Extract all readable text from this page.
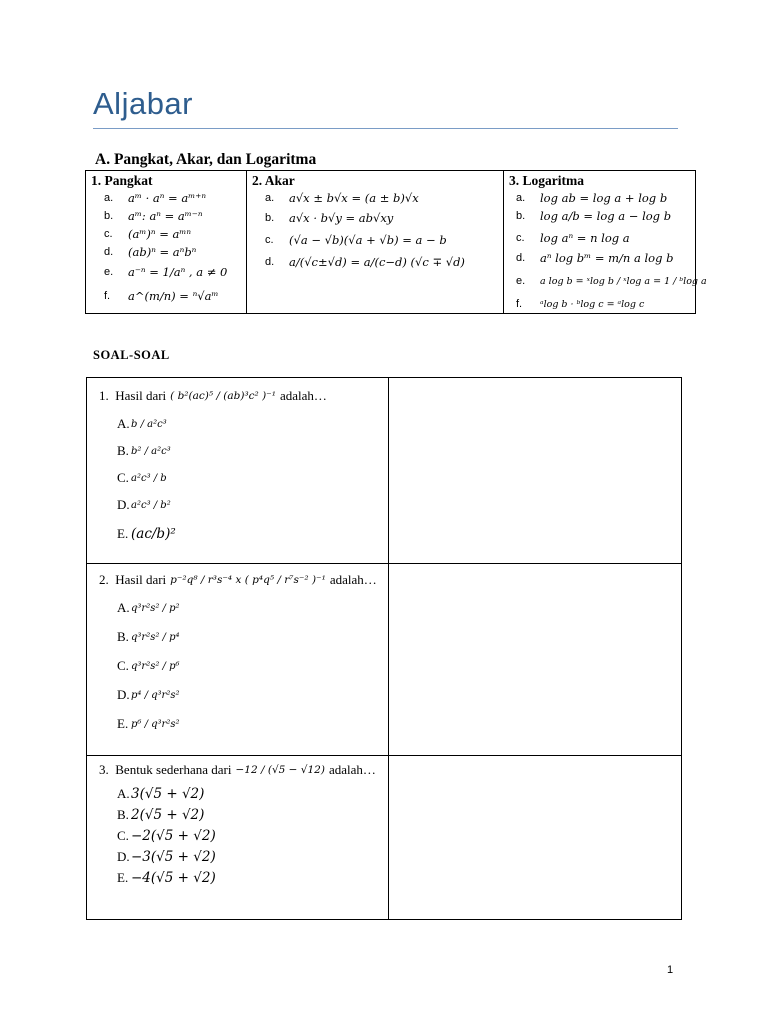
Aljabar
A. Pangkat, Akar, dan Logaritma
1. Pangkat
a.	aᵐ · aⁿ = aᵐ⁺ⁿ
b.	aᵐ: aⁿ = aᵐ⁻ⁿ
c.	(aᵐ)ⁿ = aᵐⁿ
d.	(ab)ⁿ = aⁿbⁿ
e.	a⁻ⁿ = 1/aⁿ , a ≠ 0
f.	a^(m/n) = ⁿ√aᵐ
2. Akar
a.	a√x ± b√x = (a ± b)√x
b.	a√x · b√y = ab√xy
c.	(√a − √b)(√a + √b) = a − b
d.	a/(√c±√d) = a/(c−d) (√c ∓ √d)
3. Logaritma
a.	log ab = log a + log b
b.	log a/b = log a − log b
c.	log aⁿ = n log a
d.	aⁿ log bᵐ = m/n a log b
e.	a log b = ˣlog b / ˣlog a = 1 / ᵇlog a
f.	ᵃlog b · ᵇlog c = ᵃlog c
SOAL-SOAL
1.
Hasil dari ( b²(ac)⁵ / (ab)³c² )⁻¹ adalah…
A. b / a²c³
B. b² / a²c³
C. a²c³ / b
D. a²c³ / b²
E. (ac/b)²
2.
Hasil dari p⁻²q⁸ / r³s⁻⁴ x ( p⁴q⁵ / r⁷s⁻² )⁻¹ adalah…
A. q³r²s² / p²
B. q³r²s² / p⁴
C. q³r²s² / p⁶
D. p⁴ / q³r²s²
E. p⁶ / q³r²s²
3.
Bentuk sederhana dari −12 / (√5 − √12) adalah…
A. 3(√5 + √2)
B. 2(√5 + √2)
C. −2(√5 + √2)
D. −3(√5 + √2)
E. −4(√5 + √2)
1
